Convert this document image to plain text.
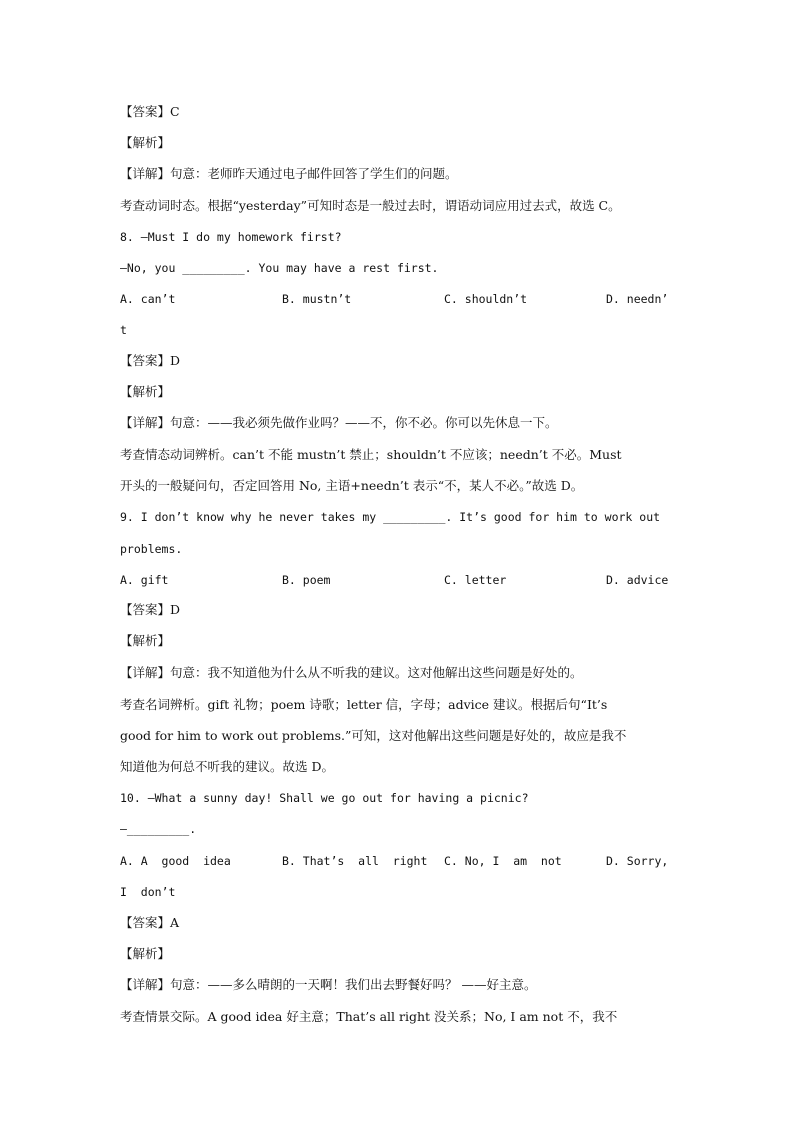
【答案】C
【解析】
【详解】句意：老师昨天通过电子邮件回答了学生们的问题。
考查动词时态。根据“yesterday”可知时态是一般过去时，谓语动词应用过去式，故选 C。
8. —Must I do my homework first?
—No, you _________. You may have a rest first.
A. can’t	B. mustn’t	C. shouldn’t	D. needn’
t
【答案】D
【解析】
【详解】句意：——我必须先做作业吗？——不，你不必。你可以先休息一下。
考查情态动词辨析。can’t 不能 mustn’t 禁止；shouldn’t 不应该；needn’t 不必。Must
开头的一般疑问句，否定回答用 No, 主语+needn’t 表示“不，某人不必。”故选 D。
9. I don’t know why he never takes my _________. It’s good for him to work out
problems.
A. gift	B. poem	C. letter	D. advice
【答案】D
【解析】
【详解】句意：我不知道他为什么从不听我的建议。这对他解出这些问题是好处的。
考查名词辨析。gift 礼物；poem 诗歌；letter 信，字母；advice 建议。根据后句“It’s
good for him to work out problems.”可知，这对他解出这些问题是好处的，故应是我不
知道他为何总不听我的建议。故选 D。
10. —What a sunny day! Shall we go out for having a picnic?
—_________.
A. A  good  idea	B. That’s  all  right C. No, I  am  not	D. Sorry,
I  don’t
【答案】A
【解析】
【详解】句意：——多么晴朗的一天啊！我们出去野餐好吗？ ——好主意。
考查情景交际。A good idea 好主意；That’s all right 没关系；No, I am not 不，我不
